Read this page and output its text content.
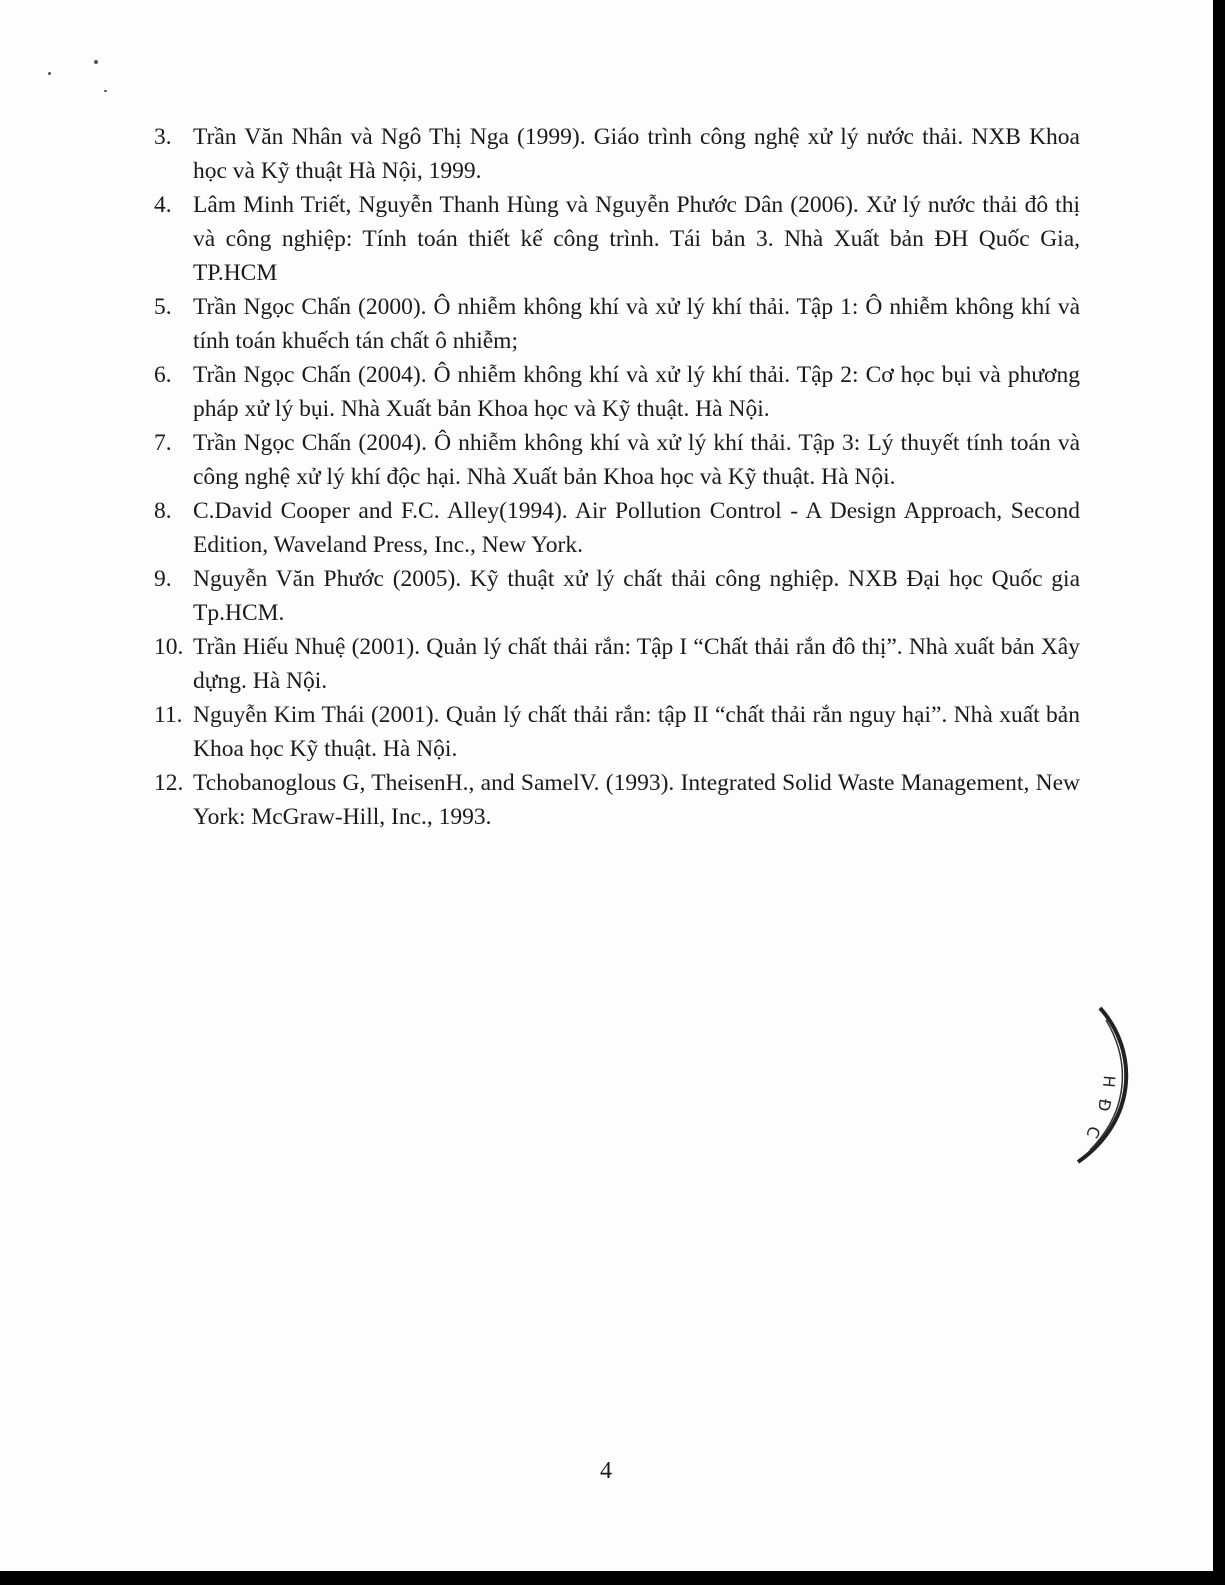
3. Trần Văn Nhân và Ngô Thị Nga (1999). Giáo trình công nghệ xử lý nước thải. NXB Khoa học và Kỹ thuật Hà Nội, 1999.
4. Lâm Minh Triết, Nguyễn Thanh Hùng và Nguyễn Phước Dân (2006). Xử lý nước thải đô thị và công nghiệp: Tính toán thiết kế công trình. Tái bản 3. Nhà Xuất bản ĐH Quốc Gia, TP.HCM
5. Trần Ngọc Chấn (2000). Ô nhiễm không khí và xử lý khí thải. Tập 1: Ô nhiễm không khí và tính toán khuếch tán chất ô nhiễm;
6. Trần Ngọc Chấn (2004). Ô nhiễm không khí và xử lý khí thải. Tập 2: Cơ học bụi và phương pháp xử lý bụi. Nhà Xuất bản Khoa học và Kỹ thuật. Hà Nội.
7. Trần Ngọc Chấn (2004). Ô nhiễm không khí và xử lý khí thải. Tập 3: Lý thuyết tính toán và công nghệ xử lý khí độc hại. Nhà Xuất bản Khoa học và Kỹ thuật. Hà Nội.
8. C.David Cooper and F.C. Alley(1994). Air Pollution Control - A Design Approach, Second Edition, Waveland Press, Inc., New York.
9. Nguyễn Văn Phước (2005). Kỹ thuật xử lý chất thải công nghiệp. NXB Đại học Quốc gia Tp.HCM.
10. Trần Hiếu Nhuệ (2001). Quản lý chất thải rắn: Tập I “Chất thải rắn đô thị”. Nhà xuất bản Xây dựng. Hà Nội.
11. Nguyễn Kim Thái (2001). Quản lý chất thải rắn: tập II “chất thải rắn nguy hại”. Nhà xuất bản Khoa học Kỹ thuật. Hà Nội.
12. Tchobanoglous G, TheisenH., and SamelV. (1993). Integrated Solid Waste Management, New York: McGraw-Hill, Inc., 1993.
H
Đ
C
4
